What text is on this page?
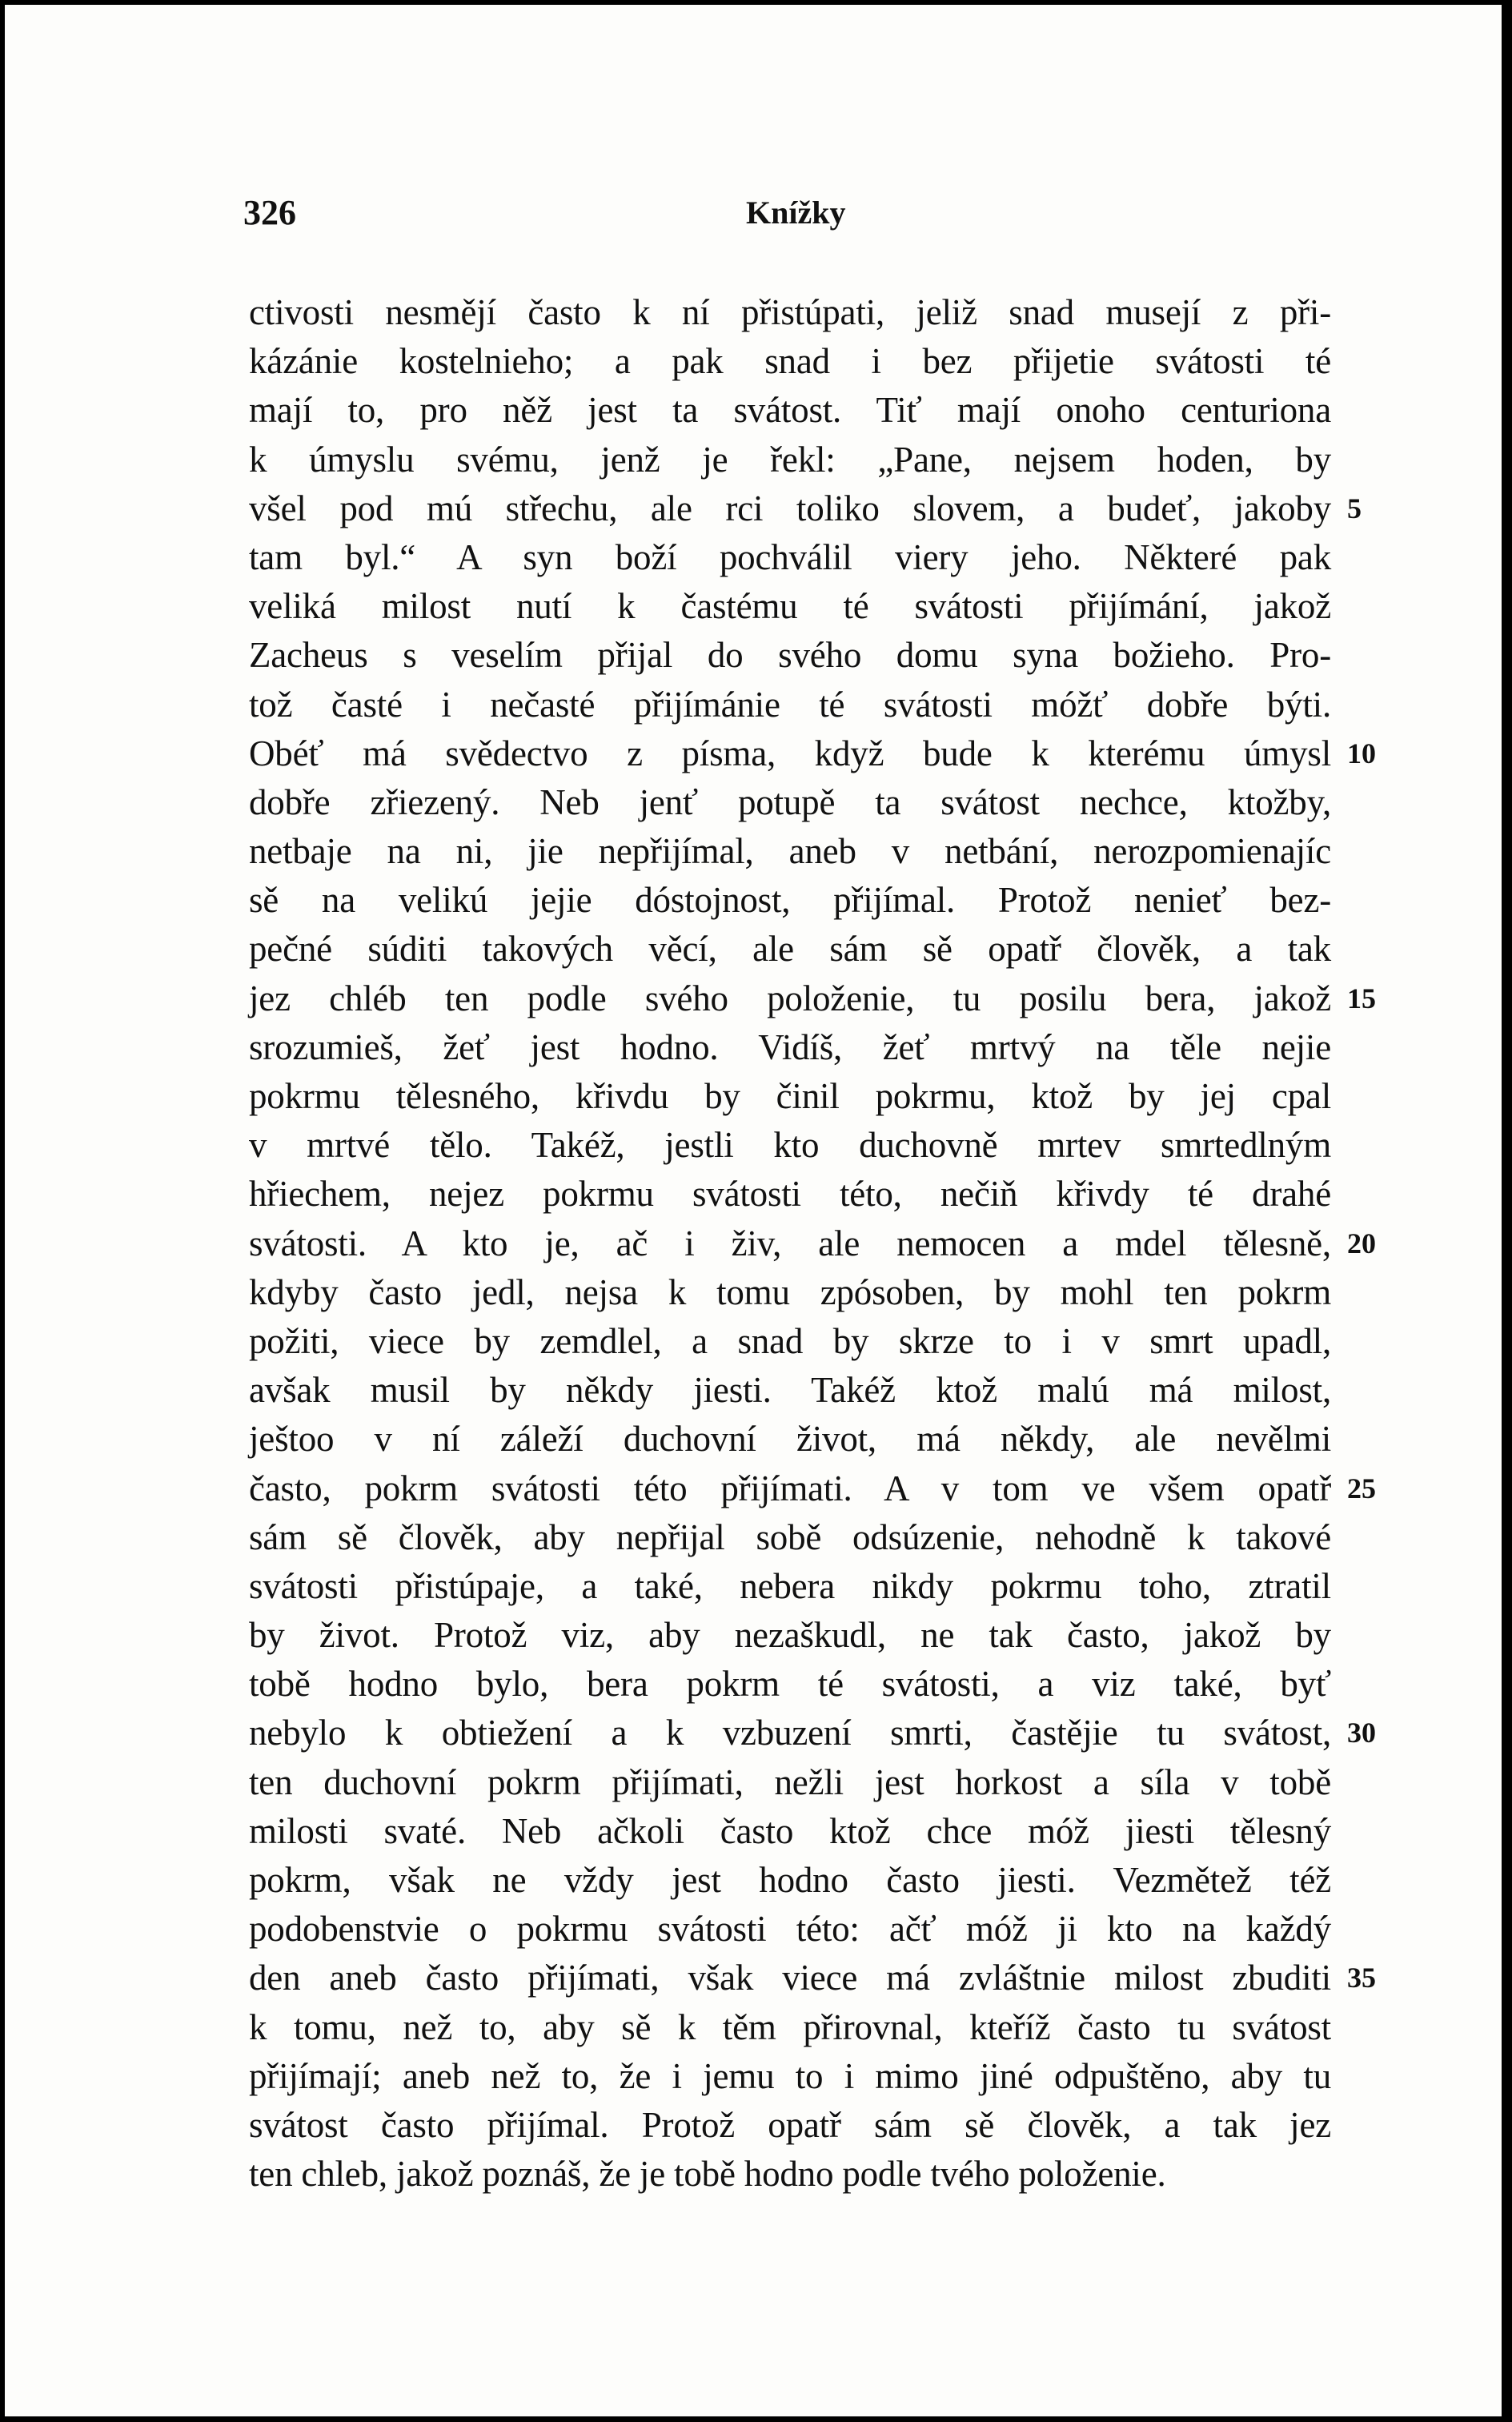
326	Knížky
ctivosti nesmějí často k ní přistúpati, jeliž snad musejí z při-
kázánie kostelnieho; a pak snad i bez přijetie svátosti té
mají to, pro něž jest ta svátost. Tiť mají onoho centuriona
k úmyslu svému, jenž je řekl: „Pane, nejsem hoden, by
všel pod mú střechu, ale rci toliko slovem, a budeť, jakoby 5
tam byl.“ A syn boží pochválil viery jeho. Některé pak
veliká milost nutí k častému té svátosti přijímání, jakož
Zacheus s veselím přijal do svého domu syna božieho. Pro-
tož časté i nečasté přijímánie té svátosti móžť dobře býti.
Obéť má svědectvo z písma, když bude k kterému úmysl 10
dobře zřiezený. Neb jenť potupě ta svátost nechce, ktožby,
netbaje na ni, jie nepřijímal, aneb v netbání, nerozpomienajíc
sě na velikú jejie dóstojnost, přijímal. Protož nenieť bez-
pečné súditi takových věcí, ale sám sě opatř člověk, a tak
jez chléb ten podle svého položenie, tu posilu bera, jakož 15
srozumieš, žeť jest hodno. Vidíš, žeť mrtvý na těle nejie
pokrmu tělesného, křivdu by činil pokrmu, ktož by jej cpal
v mrtvé tělo. Takéž, jestli kto duchovně mrtev smrtedlným
hřiechem, nejez pokrmu svátosti této, nečiň křivdy té drahé
svátosti. A kto je, ač i živ, ale nemocen a mdel tělesně, 20
kdyby často jedl, nejsa k tomu zpósoben, by mohl ten pokrm
požiti, viece by zemdlel, a snad by skrze to i v smrt upadl,
avšak musil by někdy jiesti. Takéž ktož malú má milost,
ještoo v ní záleží duchovní život, má někdy, ale nevělmi
často, pokrm svátosti této přijímati. A v tom ve všem opatř 25
sám sě člověk, aby nepřijal sobě odsúzenie, nehodně k takové
svátosti přistúpaje, a také, nebera nikdy pokrmu toho, ztratil
by život. Protož viz, aby nezaškudl, ne tak často, jakož by
tobě hodno bylo, bera pokrm té svátosti, a viz také, byť
nebylo k obtiežení a k vzbuzení smrti, častějie tu svátost, 30
ten duchovní pokrm přijímati, nežli jest horkost a síla v tobě
milosti svaté. Neb ačkoli často ktož chce móž jiesti tělesný
pokrm, však ne vždy jest hodno často jiesti. Vezmětež též
podobenstvie o pokrmu svátosti této: ačť móž ji kto na každý
den aneb často přijímati, však viece má zvláštnie milost zbuditi 35
k tomu, než to, aby sě k těm přirovnal, kteříž často tu svátost
přijímají; aneb než to, že i jemu to i mimo jiné odpuštěno, aby tu
svátost často přijímal. Protož opatř sám sě člověk, a tak jez
ten chleb, jakož poznáš, že je tobě hodno podle tvého položenie.
